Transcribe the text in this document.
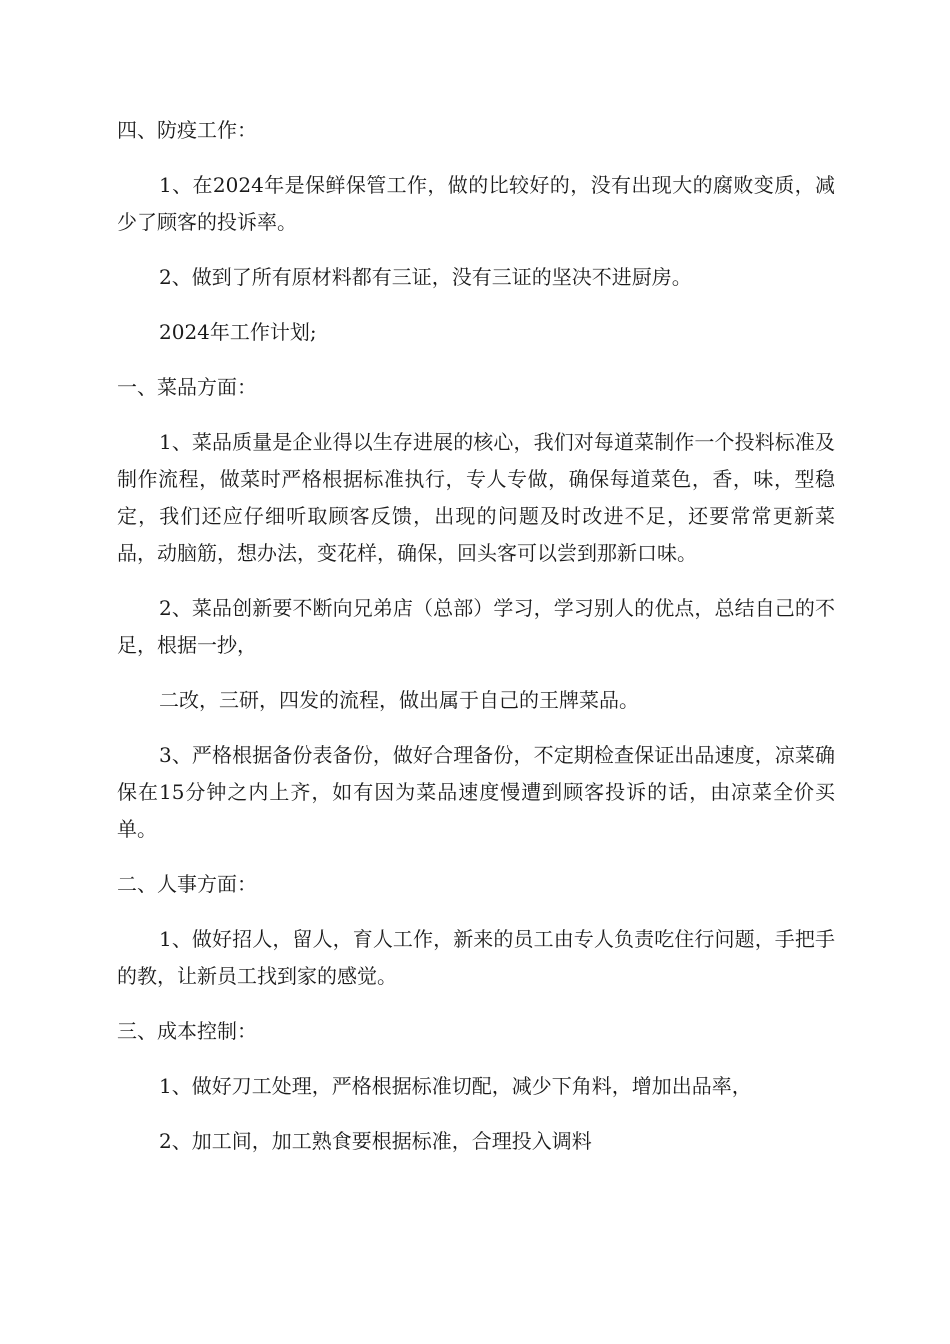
四、防疫工作：

1、在2024年是保鲜保管工作，做的比较好的，没有出现大的腐败变质，减少了顾客的投诉率。

2、做到了所有原材料都有三证，没有三证的坚决不进厨房。

2024年工作计划;

一、菜品方面：

1、菜品质量是企业得以生存进展的核心，我们对每道菜制作一个投料标准及制作流程，做菜时严格根据标准执行，专人专做，确保每道菜色，香，味，型稳定，我们还应仔细听取顾客反馈，出现的问题及时改进不足，还要常常更新菜品，动脑筋，想办法，变花样，确保，回头客可以尝到那新口味。

2、菜品创新要不断向兄弟店（总部）学习，学习别人的优点，总结自己的不足，根据一抄，

二改，三研，四发的流程，做出属于自己的王牌菜品。

3、严格根据备份表备份，做好合理备份，不定期检查保证出品速度，凉菜确保在15分钟之内上齐，如有因为菜品速度慢遭到顾客投诉的话，由凉菜全价买单。

二、人事方面：

1、做好招人，留人，育人工作，新来的员工由专人负责吃住行问题，手把手的教，让新员工找到家的感觉。

三、成本控制：

1、做好刀工处理，严格根据标准切配，减少下角料，增加出品率，

2、加工间，加工熟食要根据标准，合理投入调料
